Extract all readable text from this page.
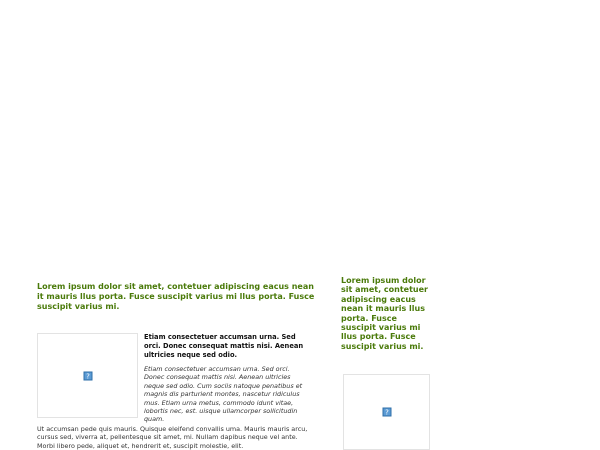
Lorem ipsum dolor sit amet, contetuer adipiscing eacus nean it mauris llus porta. Fusce suscipit varius mi llus porta. Fusce suscipit varius mi.

Lorem ipsum dolor sit amet, contetuer adipiscing eacus nean it mauris llus porta. Fusce suscipit varius mi llus porta. Fusce suscipit varius mi.

?

Etiam consectetuer accumsan urna. Sed orci. Donec consequat mattis nisi. Aenean ultricies neque sed odio.

Etiam consectetuer accumsan urna. Sed orci. Donec consequat mattis nisi. Aenean ultricies neque sed odio. Cum sociis natoque penatibus et magnis dis parturient montes, nascetur ridiculus mus. Etiam urna metus, commodo idunt vitae, lobortis nec, est. uisque ullamcorper sollicitudin quam.

Ut accumsan pede quis mauris. Quisque eleifend convallis uma. Mauris mauris arcu, cursus sed, viverra at, pellentesque sit amet, mi. Nullam dapibus neque vel ante. Morbi libero pede, aliquet et, hendrerit et, suscipit molestie, elit.

?
